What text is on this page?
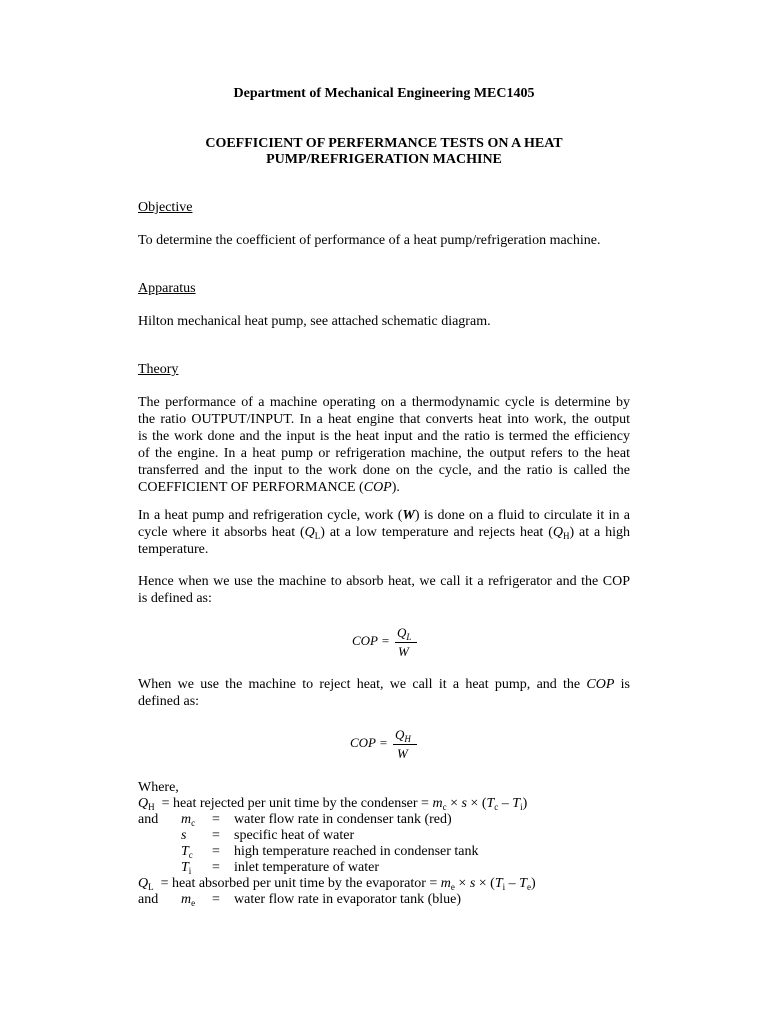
Department of Mechanical Engineering MEC1405
COEFFICIENT OF PERFERMANCE TESTS ON A HEAT
PUMP/REFRIGERATION MACHINE
Objective
To determine the coefficient of performance of a heat pump/refrigeration machine.
Apparatus
Hilton mechanical heat pump, see attached schematic diagram.
Theory
The performance of a machine operating on a thermodynamic cycle is determine by
the ratio OUTPUT/INPUT. In a heat engine that converts heat into work, the output
is the work done and the input is the heat input and the ratio is termed the efficiency
of the engine. In a heat pump or refrigeration machine, the output refers to the heat
transferred and the input to the work done on the cycle, and the ratio is called the
COEFFICIENT OF PERFORMANCE (COP).
In a heat pump and refrigeration cycle, work (W) is done on a fluid to circulate it in a
cycle where it absorbs heat $(Q_L)$ at a low temperature and rejects heat $(Q_H)$ at a high
temperature.
Hence when we use the machine to absorb heat, we call it a refrigerator and the COP
is defined as:
COP =
$Q_L$
W
When we use the machine to reject heat, we call it a heat pump, and the COP is
defined as:
COP =
$Q_H$
W
Where,
$Q_H$ = heat rejected per unit time by the condenser = $m_c \times s \times (T_c - T_i)$
and $m_c$ = water flow rate in condenser tank (red)
s = specific heat of water
$T_c$ = high temperature reached in condenser tank
$T_i$ = inlet temperature of water
$Q_L$ = heat absorbed per unit time by the evaporator = $m_e \times s \times (T_i - T_e)$
and $m_e$ = water flow rate in evaporator tank (blue)
